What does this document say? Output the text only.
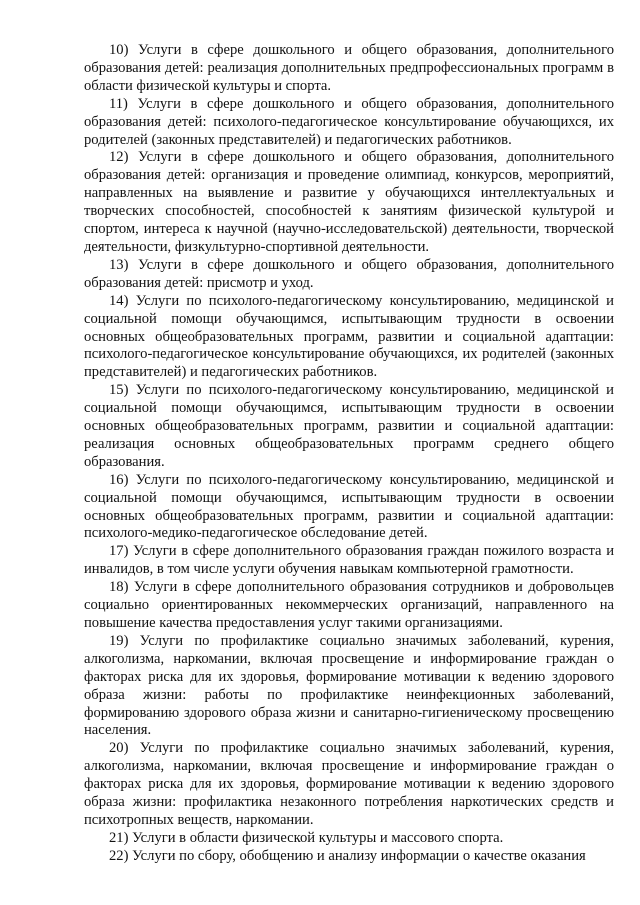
10) Услуги в сфере дошкольного и общего образования, дополнительного образования детей: реализация дополнительных предпрофессиональных программ в области физической культуры и спорта.

11) Услуги в сфере дошкольного и общего образования, дополнительного образования детей: психолого-педагогическое консультирование обучающихся, их родителей (законных представителей) и педагогических работников.

12) Услуги в сфере дошкольного и общего образования, дополнительного образования детей: организация и проведение олимпиад, конкурсов, мероприятий, направленных на выявление и развитие у обучающихся интеллектуальных и творческих способностей, способностей к занятиям физической культурой и спортом, интереса к научной (научно-исследовательской) деятельности, творческой деятельности, физкультурно-спортивной деятельности.

13) Услуги в сфере дошкольного и общего образования, дополнительного образования детей: присмотр и уход.

14) Услуги по психолого-педагогическому консультированию, медицинской и социальной помощи обучающимся, испытывающим трудности в освоении основных общеобразовательных программ, развитии и социальной адаптации: психолого-педагогическое консультирование обучающихся, их родителей (законных представителей) и педагогических работников.

15) Услуги по психолого-педагогическому консультированию, медицинской и социальной помощи обучающимся, испытывающим трудности в освоении основных общеобразовательных программ, развитии и социальной адаптации: реализация основных общеобразовательных программ среднего общего образования.

16) Услуги по психолого-педагогическому консультированию, медицинской и социальной помощи обучающимся, испытывающим трудности в освоении основных общеобразовательных программ, развитии и социальной адаптации: психолого-медико-педагогическое обследование детей.

17) Услуги в сфере дополнительного образования граждан пожилого возраста и инвалидов, в том числе услуги обучения навыкам компьютерной грамотности.

18) Услуги в сфере дополнительного образования сотрудников и добровольцев социально ориентированных некоммерческих организаций, направленного на повышение качества предоставления услуг такими организациями.

19) Услуги по профилактике социально значимых заболеваний, курения, алкоголизма, наркомании, включая просвещение и информирование граждан о факторах риска для их здоровья, формирование мотивации к ведению здорового образа жизни: работы по профилактике неинфекционных заболеваний, формированию здорового образа жизни и санитарно-гигиеническому просвещению населения.

20) Услуги по профилактике социально значимых заболеваний, курения, алкоголизма, наркомании, включая просвещение и информирование граждан о факторах риска для их здоровья, формирование мотивации к ведению здорового образа жизни: профилактика незаконного потребления наркотических средств и психотропных веществ, наркомании.

21) Услуги в области физической культуры и массового спорта.

22) Услуги по сбору, обобщению и анализу информации о качестве оказания
